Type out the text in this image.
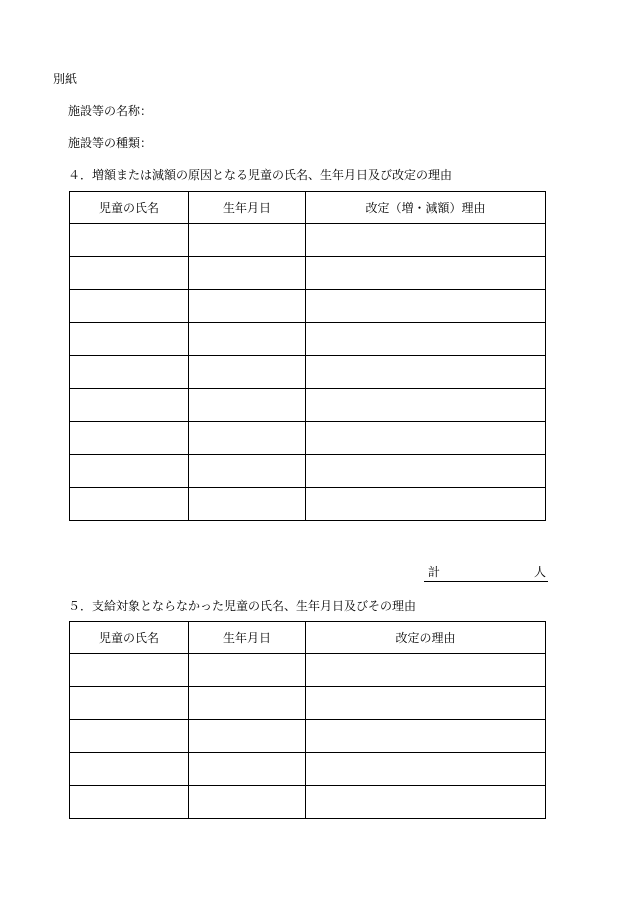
別紙
施設等の名称：
施設等の種類：
４．増額または減額の原因となる児童の氏名、生年月日及び改定の理由
児童の氏名	生年月日	改定（増・減額）理由

計	人
５．支給対象とならなかった児童の氏名、生年月日及びその理由
児童の氏名	生年月日	改定の理由
